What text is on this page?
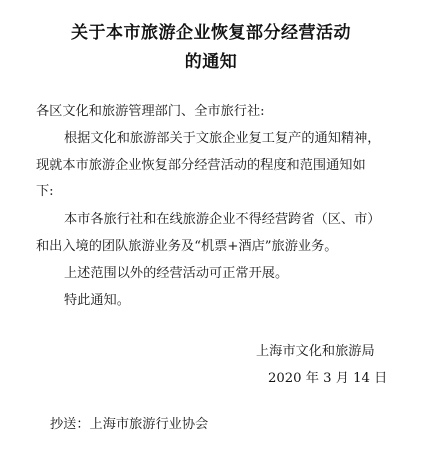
关于本市旅游企业恢复部分经营活动
的通知
各区文化和旅游管理部门、全市旅行社:
根据文化和旅游部关于文旅企业复工复产的通知精神，
现就本市旅游企业恢复部分经营活动的程度和范围通知如
下:
本市各旅行社和在线旅游企业不得经营跨省（区、市）
和出入境的团队旅游业务及“机票+酒店”旅游业务。
上述范围以外的经营活动可正常开展。
特此通知。
上海市文化和旅游局
2020 年 3 月 14 日
抄送：上海市旅游行业协会
